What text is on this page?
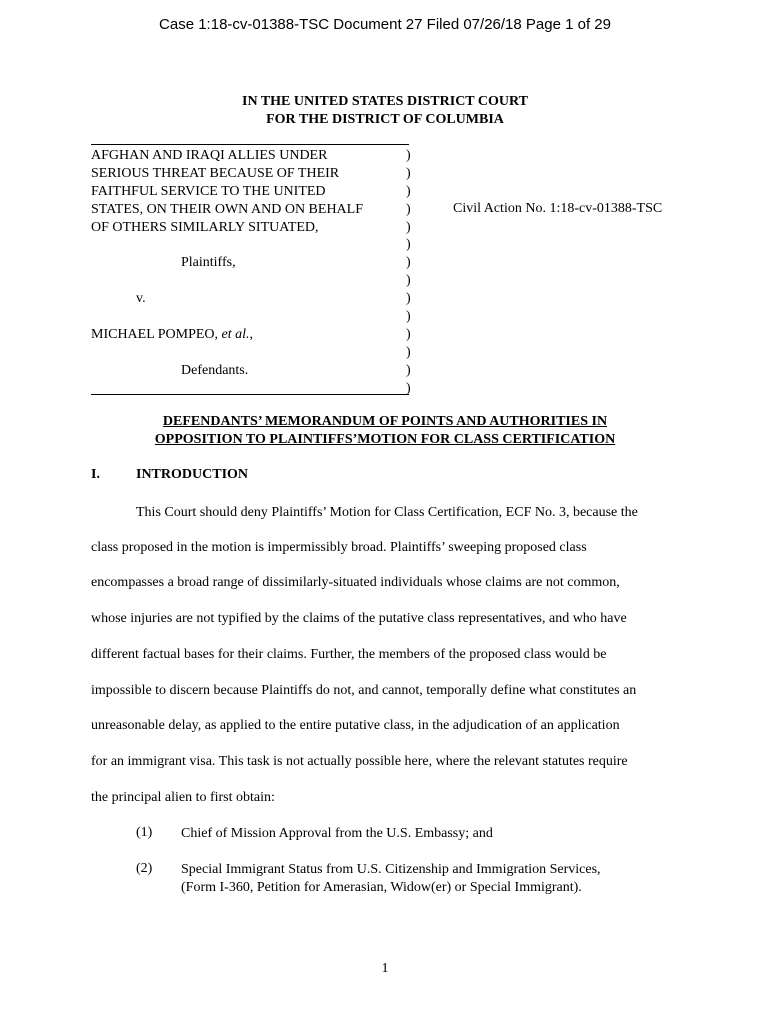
Case 1:18-cv-01388-TSC Document 27 Filed 07/26/18 Page 1 of 29
IN THE UNITED STATES DISTRICT COURT
FOR THE DISTRICT OF COLUMBIA
AFGHAN AND IRAQI ALLIES UNDER
SERIOUS THREAT BECAUSE OF THEIR
FAITHFUL SERVICE TO THE UNITED
STATES, ON THEIR OWN AND ON BEHALF
OF OTHERS SIMILARLY SITUATED,
Plaintiffs,
v.
MICHAEL POMPEO, et al.,
Defendants.
)
)
)
)
)
)
)
)
)
)
)
)
)
)
Civil Action No. 1:18-cv-01388-TSC
DEFENDANTS’ MEMORANDUM OF POINTS AND AUTHORITIES IN
OPPOSITION TO PLAINTIFFS’MOTION FOR CLASS CERTIFICATION
I.	INTRODUCTION
This Court should deny Plaintiffs’ Motion for Class Certification, ECF No. 3, because the
class proposed in the motion is impermissibly broad. Plaintiffs’ sweeping proposed class
encompasses a broad range of dissimilarly-situated individuals whose claims are not common,
whose injuries are not typified by the claims of the putative class representatives, and who have
different factual bases for their claims. Further, the members of the proposed class would be
impossible to discern because Plaintiffs do not, and cannot, temporally define what constitutes an
unreasonable delay, as applied to the entire putative class, in the adjudication of an application
for an immigrant visa. This task is not actually possible here, where the relevant statutes require
the principal alien to first obtain:
(1)	Chief of Mission Approval from the U.S. Embassy; and
(2)	Special Immigrant Status from U.S. Citizenship and Immigration Services,
(Form I-360, Petition for Amerasian, Widow(er) or Special Immigrant).
1
